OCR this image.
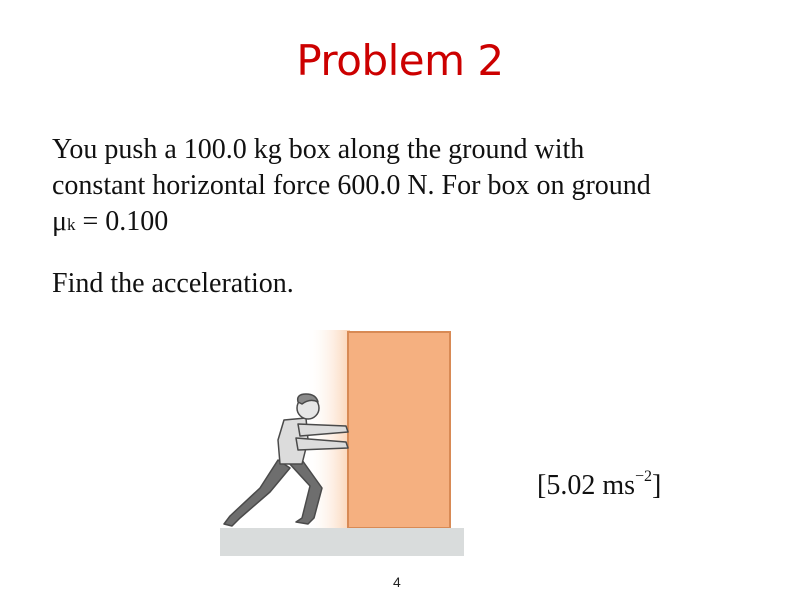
Problem 2
You push a 100.0 kg box along the ground with
constant horizontal force 600.0 N. For box on ground
μk = 0.100
Find the acceleration.
[5.02 $ms^{-2}$]
4
